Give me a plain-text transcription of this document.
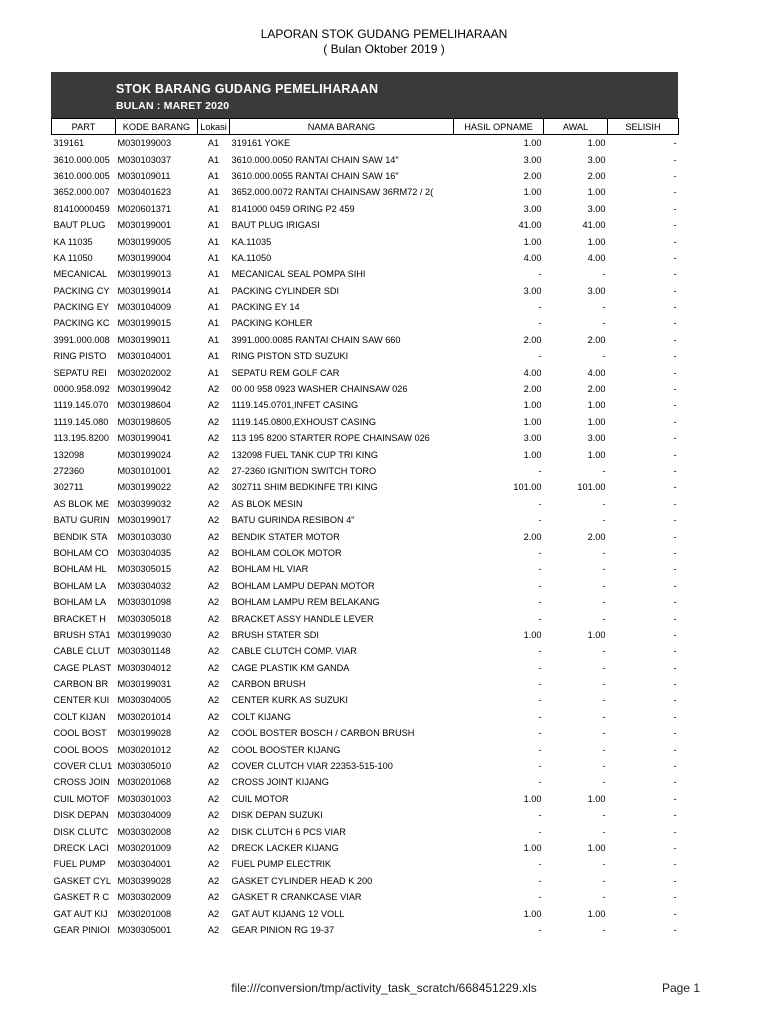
LAPORAN STOK GUDANG PEMELIHARAAN
( Bulan Oktober 2019 )
STOK BARANG GUDANG PEMELIHARAAN
BULAN : MARET 2020
PART	KODE BARANG	Lokasi	NAMA BARANG	HASIL OPNAME	AWAL	SELISIH
319161	M030199003	A1	319161 YOKE	1.00	1.00	-
3610.000.005	M030103037	A1	3610.000.0050 RANTAI CHAIN SAW 14"	3.00	3.00	-
3610.000.005	M030109011	A1	3610.000.0055 RANTAI CHAIN SAW 16"	2.00	2.00	-
3652.000.007	M030401623	A1	3652.000.0072 RANTAI CHAINSAW 36RM72 / 2(	1.00	1.00	-
81410000459	M020601371	A1	8141000 0459 ORING P2 459	3.00	3.00	-
BAUT PLUG	M030199001	A1	BAUT PLUG IRIGASI	41.00	41.00	-
KA 11035	M030199005	A1	KA.11035	1.00	1.00	-
KA 11050	M030199004	A1	KA.11050	4.00	4.00	-
MECANICAL	M030199013	A1	MECANICAL SEAL POMPA SIHI	-	-	-
PACKING CY	M030199014	A1	PACKING CYLINDER SDI	3.00	3.00	-
PACKING EY	M030104009	A1	PACKING EY 14	-	-	-
PACKING KC	M030199015	A1	PACKING KOHLER	-	-	-
3991.000.008	M030199011	A1	3991.000.0085 RANTAI CHAIN SAW 660	2.00	2.00	-
RING PISTO	M030104001	A1	RING PISTON STD SUZUKI	-	-	-
SEPATU REI	M030202002	A1	SEPATU REM GOLF CAR	4.00	4.00	-
0000.958.092	M030199042	A2	00 00 958 0923 WASHER CHAINSAW 026	2.00	2.00	-
1119.145.070	M030198604	A2	1119.145.0701,INFET CASING	1.00	1.00	-
1119.145.080	M030198605	A2	1119.145.0800,EXHOUST CASING	1.00	1.00	-
113.195.8200	M030199041	A2	113 195 8200 STARTER ROPE CHAINSAW 026	3.00	3.00	-
132098	M030199024	A2	132098 FUEL TANK CUP TRI KING	1.00	1.00	-
272360	M030101001	A2	27-2360 IGNITION SWITCH TORO	-	-	-
302711	M030199022	A2	302711 SHIM BEDKINFE TRI KING	101.00	101.00	-
AS BLOK ME	M030399032	A2	AS BLOK MESIN	-	-	-
BATU GURIN	M030199017	A2	BATU GURINDA RESIBON 4"	-	-	-
BENDIK STA	M030103030	A2	BENDIK STATER MOTOR	2.00	2.00	-
BOHLAM CO	M030304035	A2	BOHLAM COLOK MOTOR	-	-	-
BOHLAM HL	M030305015	A2	BOHLAM HL VIAR	-	-	-
BOHLAM LA	M030304032	A2	BOHLAM LAMPU DEPAN MOTOR	-	-	-
BOHLAM LA	M030301098	A2	BOHLAM LAMPU REM BELAKANG	-	-	-
BRACKET H	M030305018	A2	BRACKET ASSY HANDLE LEVER	-	-	-
BRUSH STA1	M030199030	A2	BRUSH STATER SDI	1.00	1.00	-
CABLE CLUT	M030301148	A2	CABLE CLUTCH COMP. VIAR	-	-	-
CAGE PLAST	M030304012	A2	CAGE PLASTIK KM GANDA	-	-	-
CARBON BR	M030199031	A2	CARBON BRUSH	-	-	-
CENTER KUI	M030304005	A2	CENTER KURK AS SUZUKI	-	-	-
COLT KIJAN	M030201014	A2	COLT KIJANG	-	-	-
COOL BOST	M030199028	A2	COOL BOSTER BOSCH / CARBON BRUSH	-	-	-
COOL BOOS	M030201012	A2	COOL BOOSTER KIJANG	-	-	-
COVER CLU1	M030305010	A2	COVER CLUTCH VIAR 22353-515-100	-	-	-
CROSS JOIN	M030201068	A2	CROSS JOINT KIJANG	-	-	-
CUIL MOTOF	M030301003	A2	CUIL MOTOR	1.00	1.00	-
DISK DEPAN	M030304009	A2	DISK DEPAN SUZUKI	-	-	-
DISK CLUTC	M030302008	A2	DISK CLUTCH 6 PCS VIAR	-	-	-
DRECK LACI	M030201009	A2	DRECK LACKER KIJANG	1.00	1.00	-
FUEL PUMP	M030304001	A2	FUEL PUMP ELECTRIK	-	-	-
GASKET CYL	M030399028	A2	GASKET CYLINDER HEAD K 200	-	-	-
GASKET R C	M030302009	A2	GASKET R CRANKCASE VIAR	-	-	-
GAT AUT KIJ	M030201008	A2	GAT AUT KIJANG 12 VOLL	1.00	1.00	-
GEAR PINIOI	M030305001	A2	GEAR PINION RG 19-37	-	-	-
file:///conversion/tmp/activity_task_scratch/668451229.xls	Page 1
